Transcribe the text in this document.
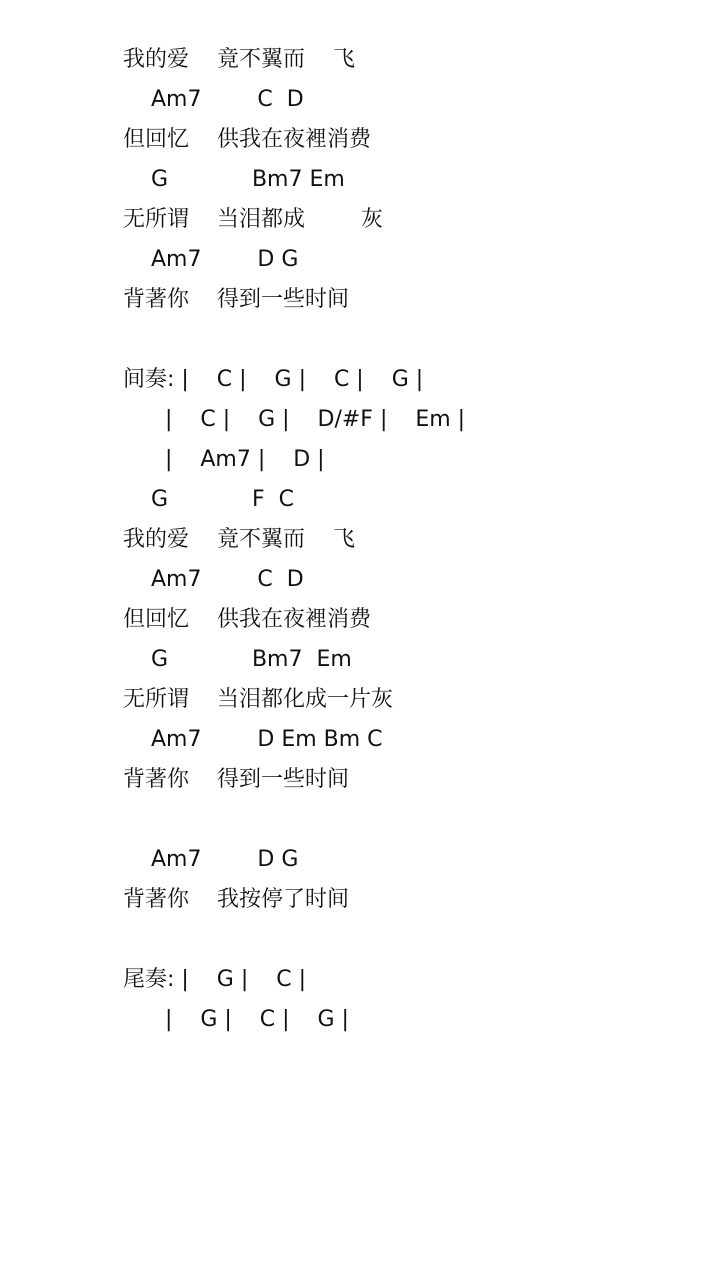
我的爱    竟不翼而    飞
Am7        C  D
但回忆    供我在夜裡消费
G            Bm7 Em
无所谓    当泪都成        灰
Am7        D G
背著你    得到一些时间
间奏: |    C |    G |    C |    G |
|    C |    G |    D/#F |    Em |
|    Am7 |    D |
G            F  C
我的爱    竟不翼而    飞
Am7        C  D
但回忆    供我在夜裡消费
G            Bm7  Em
无所谓    当泪都化成一片灰
Am7        D Em Bm C
背著你    得到一些时间
Am7        D G
背著你    我按停了时间
尾奏: |    G |    C |
|    G |    C |    G |
